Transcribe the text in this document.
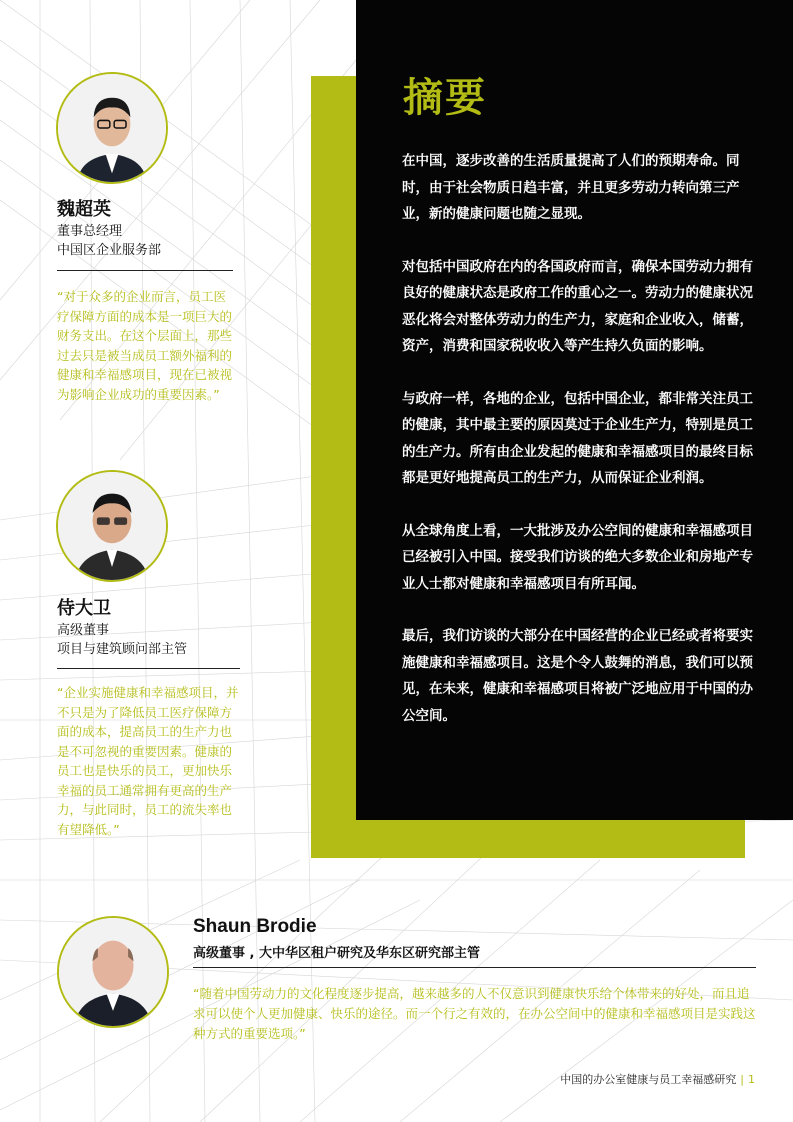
摘要

在中国，逐步改善的生活质量提高了人们的预期寿命。同时，由于社会物质日趋丰富，并且更多劳动力转向第三产业，新的健康问题也随之显现。

对包括中国政府在内的各国政府而言，确保本国劳动力拥有良好的健康状态是政府工作的重心之一。劳动力的健康状况恶化将会对整体劳动力的生产力，家庭和企业收入，储蓄，资产，消费和国家税收收入等产生持久负面的影响。

与政府一样，各地的企业，包括中国企业，都非常关注员工的健康，其中最主要的原因莫过于企业生产力，特别是员工的生产力。所有由企业发起的健康和幸福感项目的最终目标都是更好地提高员工的生产力，从而保证企业利润。

从全球角度上看，一大批涉及办公空间的健康和幸福感项目已经被引入中国。接受我们访谈的绝大多数企业和房地产专业人士都对健康和幸福感项目有所耳闻。

最后，我们访谈的大部分在中国经营的企业已经或者将要实施健康和幸福感项目。这是个令人鼓舞的消息，我们可以预见，在未来，健康和幸福感项目将被广泛地应用于中国的办公空间。

魏超英
董事总经理
中国区企业服务部
“对于众多的企业而言，员工医疗保障方面的成本是一项巨大的财务支出。在这个层面上，那些过去只是被当成员工额外福利的健康和幸福感项目，现在已被视为影响企业成功的重要因素。”
侍大卫
高级董事
项目与建筑顾问部主管
“企业实施健康和幸福感项目，并不只是为了降低员工医疗保障方面的成本，提高员工的生产力也是不可忽视的重要因素。健康的员工也是快乐的员工，更加快乐幸福的员工通常拥有更高的生产力，与此同时，员工的流失率也有望降低。”
Shaun Brodie
高级董事 , 大中华区租户研究及华东区研究部主管
“随着中国劳动力的文化程度逐步提高，越来越多的人不仅意识到健康快乐给个体带来的好处，而且追求可以使个人更加健康、快乐的途径。而一个行之有效的，在办公空间中的健康和幸福感项目是实践这种方式的重要选项。”
中国的办公室健康与员工幸福感研究 | 1
